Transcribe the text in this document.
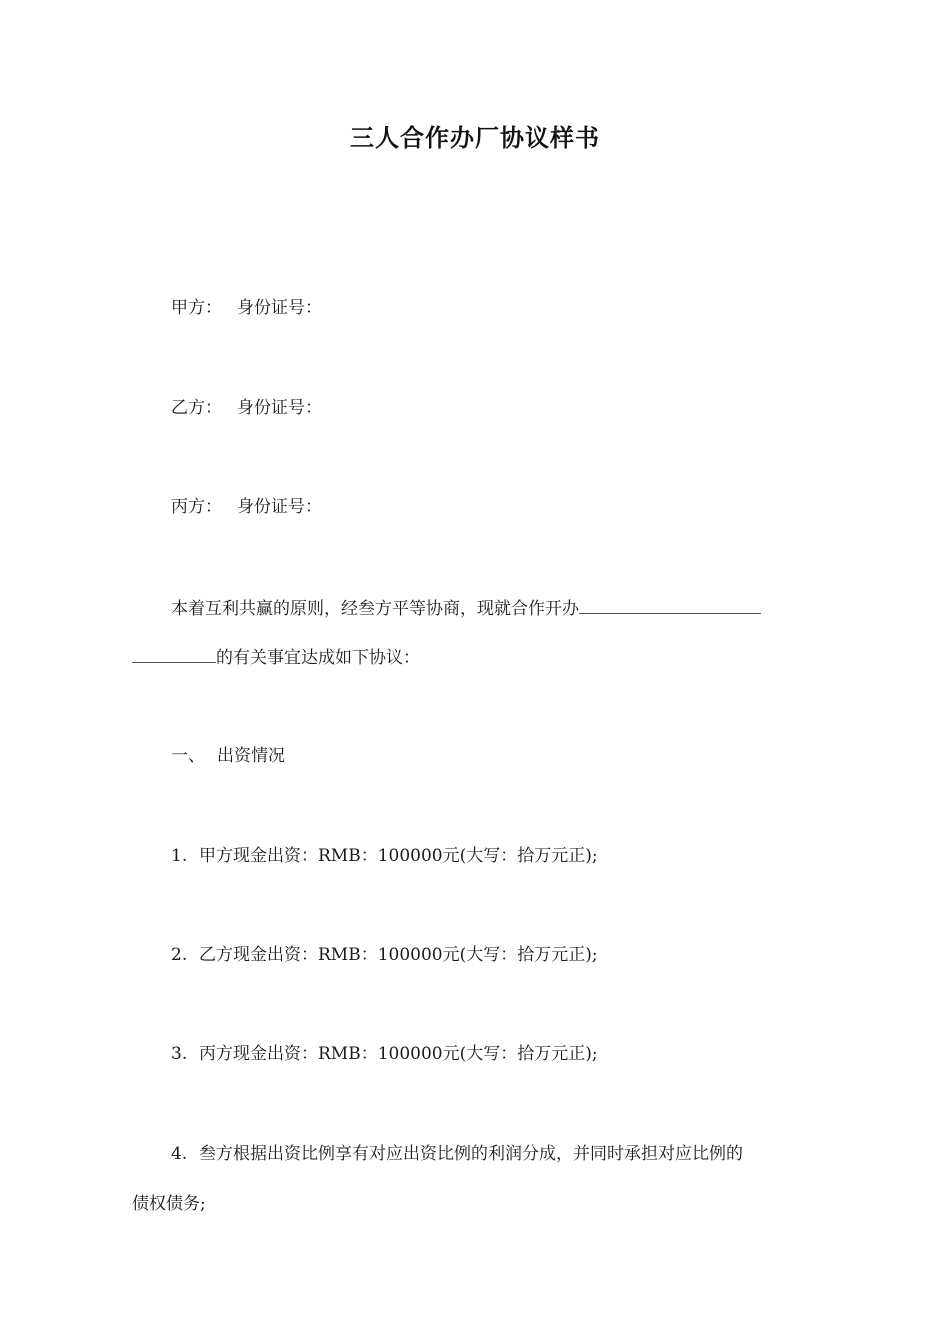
三人合作办厂协议样书
甲方： 身份证号：
乙方： 身份证号：
丙方： 身份证号：
本着互利共赢的原则，经叁方平等协商，现就合作开办
的有关事宜达成如下协议：
一、 出资情况
1. 甲方现金出资：RMB：100000元(大写：拾万元正);
2. 乙方现金出资：RMB：100000元(大写：拾万元正);
3. 丙方现金出资：RMB：100000元(大写：拾万元正);
4. 叁方根据出资比例享有对应出资比例的利润分成，并同时承担对应比例的
债权债务;
